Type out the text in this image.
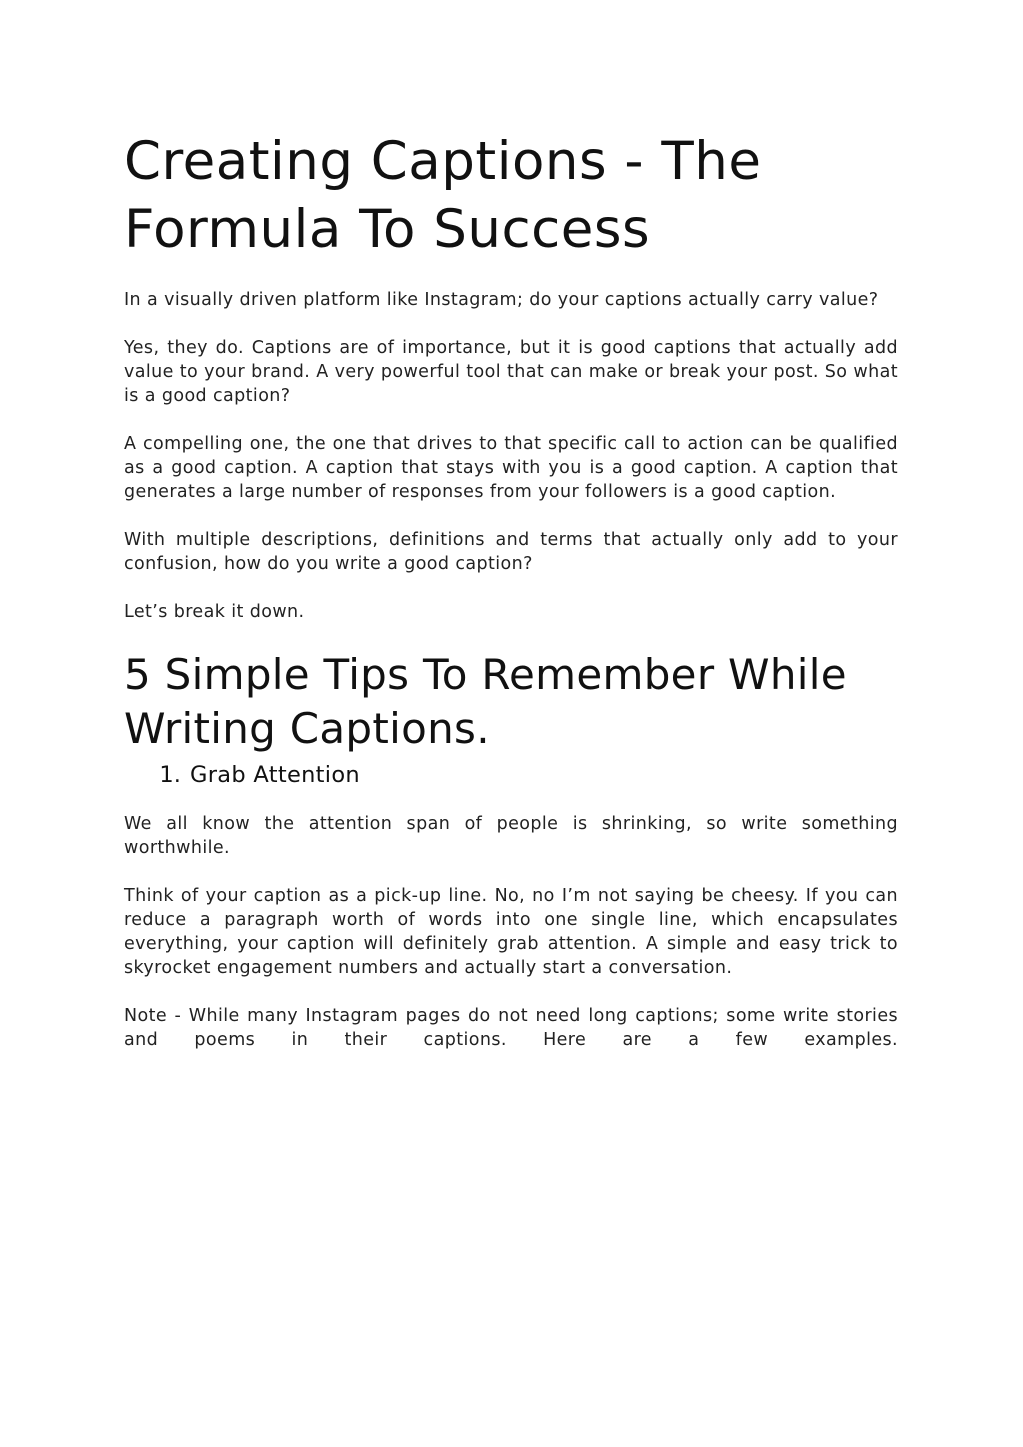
Creating Captions - The Formula To Success

In a visually driven platform like Instagram; do your captions actually carry value?

Yes, they do. Captions are of importance, but it is good captions that actually add value to your brand. A very powerful tool that can make or break your post. So what is a good caption?

A compelling one, the one that drives to that specific call to action can be qualified as a good caption. A caption that stays with you is a good caption. A caption that generates a large number of responses from your followers is a good caption.

With multiple descriptions, definitions and terms that actually only add to your confusion, how do you write a good caption?

Let’s break it down.

5 Simple Tips To Remember While Writing Captions.
1. Grab Attention

We all know the attention span of people is shrinking, so write something worthwhile.

Think of your caption as a pick-up line. No, no I’m not saying be cheesy. If you can reduce a paragraph worth of words into one single line, which encapsulates everything, your caption will definitely grab attention. A simple and easy trick to skyrocket engagement numbers and actually start a conversation.

Note - While many Instagram pages do not need long captions; some write stories and poems in their captions. Here are a few examples.
